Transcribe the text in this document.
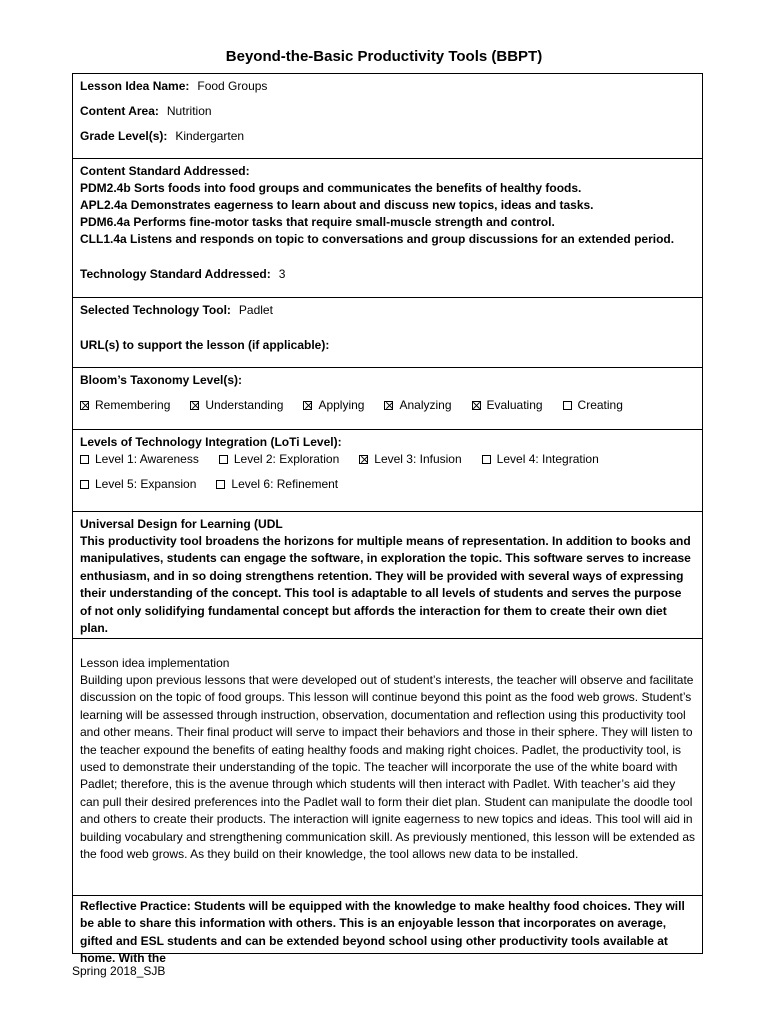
Beyond-the-Basic Productivity Tools (BBPT)

Lesson Idea Name: Food Groups

Content Area: Nutrition

Grade Level(s): Kindergarten

Content Standard Addressed:

PDM2.4b Sorts foods into food groups and communicates the benefits of healthy foods.

APL2.4a Demonstrates eagerness to learn about and discuss new topics, ideas and tasks.

PDM6.4a Performs fine-motor tasks that require small-muscle strength and control.

CLL1.4a Listens and responds on topic to conversations and group discussions for an extended period.

Technology Standard Addressed: 3

Selected Technology Tool: Padlet

URL(s) to support the lesson (if applicable):

Bloom’s Taxonomy Level(s):

Remembering	Understanding	Applying	Analyzing	Evaluating	Creating

Levels of Technology Integration (LoTi Level):

Level 1: Awareness	Level 2: Exploration	Level 3: Infusion	Level 4: Integration
Level 5: Expansion	Level 6: Refinement

Universal Design for Learning (UDL

This productivity tool broadens the horizons for multiple means of representation. In addition to books and manipulatives, students can engage the software, in exploration the topic. This software serves to increase enthusiasm, and in so doing strengthens retention. They will be provided with several ways of expressing their understanding of the concept. This tool is adaptable to all levels of students and serves the purpose of not only solidifying fundamental concept but affords the interaction for them to create their own diet plan.

Lesson idea implementation

Building upon previous lessons that were developed out of student’s interests, the teacher will observe and facilitate discussion on the topic of food groups. This lesson will continue beyond this point as the food web grows. Student’s learning will be assessed through instruction, observation, documentation and reflection using this productivity tool and other means. Their final product will serve to impact their behaviors and those in their sphere. They will listen to the teacher expound the benefits of eating healthy foods and making right choices. Padlet, the productivity tool, is used to demonstrate their understanding of the topic. The teacher will incorporate the use of the white board with Padlet; therefore, this is the avenue through which students will then interact with Padlet. With teacher’s aid they can pull their desired preferences into the Padlet wall to form their diet plan. Student can manipulate the doodle tool and others to create their products. The interaction will ignite eagerness to new topics and ideas. This tool will aid in building vocabulary and strengthening communication skill. As previously mentioned, this lesson will be extended as the food web grows. As they build on their knowledge, the tool allows new data to be installed.

Reflective Practice: Students will be equipped with the knowledge to make healthy food choices. They will be able to share this information with others. This is an enjoyable lesson that incorporates on average, gifted and ESL students and can be extended beyond school using other productivity tools available at home. With the

Spring 2018_SJB
